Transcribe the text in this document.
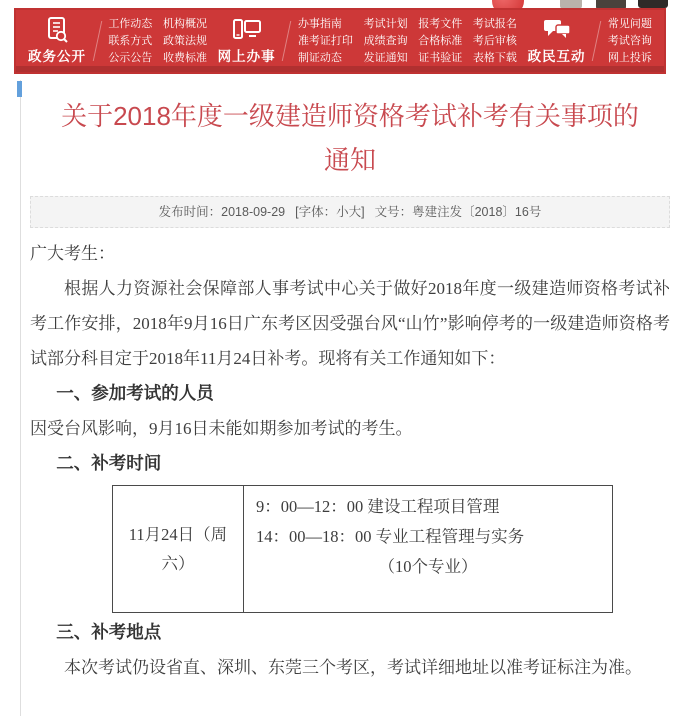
政务公开
工作动态
联系方式
公示公告
机构概况
政策法规
收费标准 网上办事
办事指南
准考证打印
制证动态
考试计划
成绩查询
发证通知
报考文件
合格标准
证书验证
考试报名
考后审核
表格下载 政民互动
常见问题
考试咨询
网上投诉
关于2018年度一级建造师资格考试补考有关事项的通知
发布时间：2018-09-29 [字体：小大] 文号：粤建注发〔2018〕16号

广大考生：

根据人力资源社会保障部人事考试中心关于做好2018年度一级建造师资格考试补考工作安排，2018年9月16日广东考区因受强台风“山竹”影响停考的一级建造师资格考试部分科目定于2018年11月24日补考。现将有关工作通知如下：

一、参加考试的人员

因受台风影响，9月16日未能如期参加考试的考生。

二、补考时间
11月24日（周六）	
9：00—12：00 建设工程项目管理
14：00—18：00 专业工程管理与实务
（10个专业）
三、补考地点

本次考试仍设省直、深圳、东莞三个考区，考试详细地址以准考证标注为准。
